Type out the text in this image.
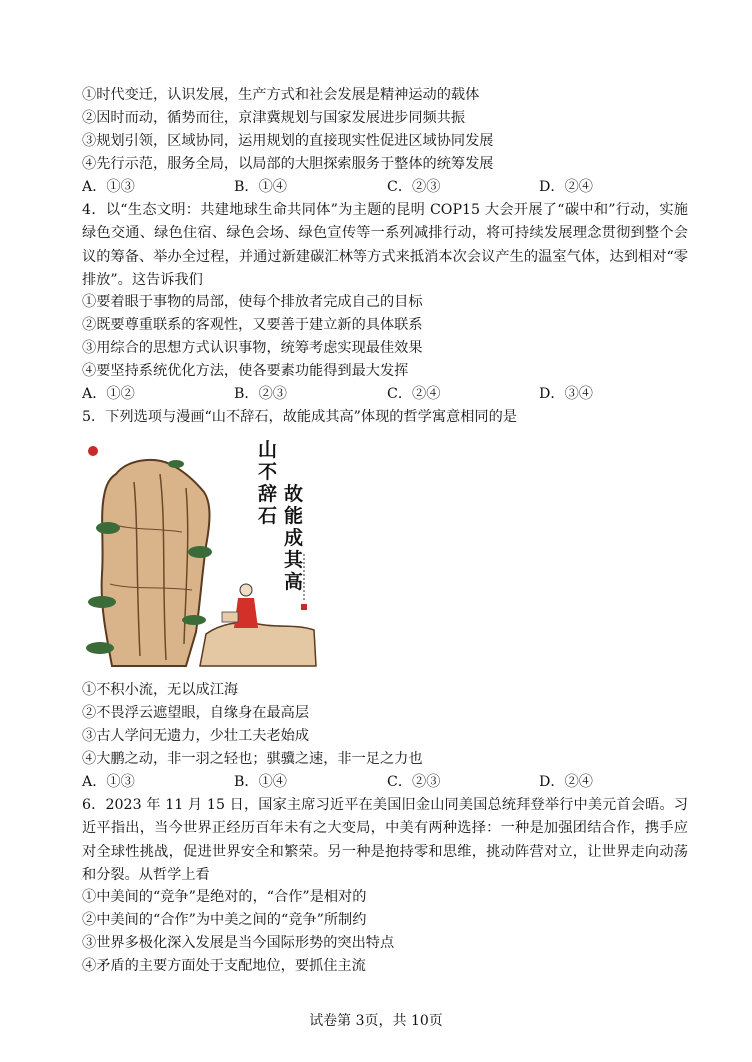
①时代变迁，认识发展，生产方式和社会发展是精神运动的载体
②因时而动，循势而往，京津冀规划与国家发展进步同频共振
③规划引领，区域协同，运用规划的直接现实性促进区域协同发展
④先行示范，服务全局，以局部的大胆探索服务于整体的统筹发展
A．①③	B．①④	C．②③	D．②④
4．以“生态文明：共建地球生命共同体”为主题的昆明 COP15 大会开展了“碳中和”行动，实施绿色交通、绿色住宿、绿色会场、绿色宣传等一系列减排行动，将可持续发展理念贯彻到整个会议的筹备、举办全过程，并通过新建碳汇林等方式来抵消本次会议产生的温室气体，达到相对“零排放”。这告诉我们
①要着眼于事物的局部，使每个排放者完成自己的目标
②既要尊重联系的客观性，又要善于建立新的具体联系
③用综合的思想方式认识事物，统筹考虑实现最佳效果
④要坚持系统优化方法，使各要素功能得到最大发挥
A．①②	B．②③	C．②④	D．③④
5．下列选项与漫画“山不辞石，故能成其高”体现的哲学寓意相同的是
山
不
辞
石
故
能
成
其
高
①不积小流，无以成江海
②不畏浮云遮望眼，自缘身在最高层
③古人学问无遗力，少壮工夫老始成
④大鹏之动，非一羽之轻也；骐骥之速，非一足之力也
A．①③	B．①④	C．②③	D．②④
6．2023 年 11 月 15 日，国家主席习近平在美国旧金山同美国总统拜登举行中美元首会晤。习近平指出，当今世界正经历百年未有之大变局，中美有两种选择：一种是加强团结合作，携手应对全球性挑战，促进世界安全和繁荣。另一种是抱持零和思维，挑动阵营对立，让世界走向动荡和分裂。从哲学上看
①中美间的“竞争”是绝对的，“合作”是相对的
②中美间的“合作”为中美之间的“竞争”所制约
③世界多极化深入发展是当今国际形势的突出特点
④矛盾的主要方面处于支配地位，要抓住主流
试卷第 3页，共 10页
